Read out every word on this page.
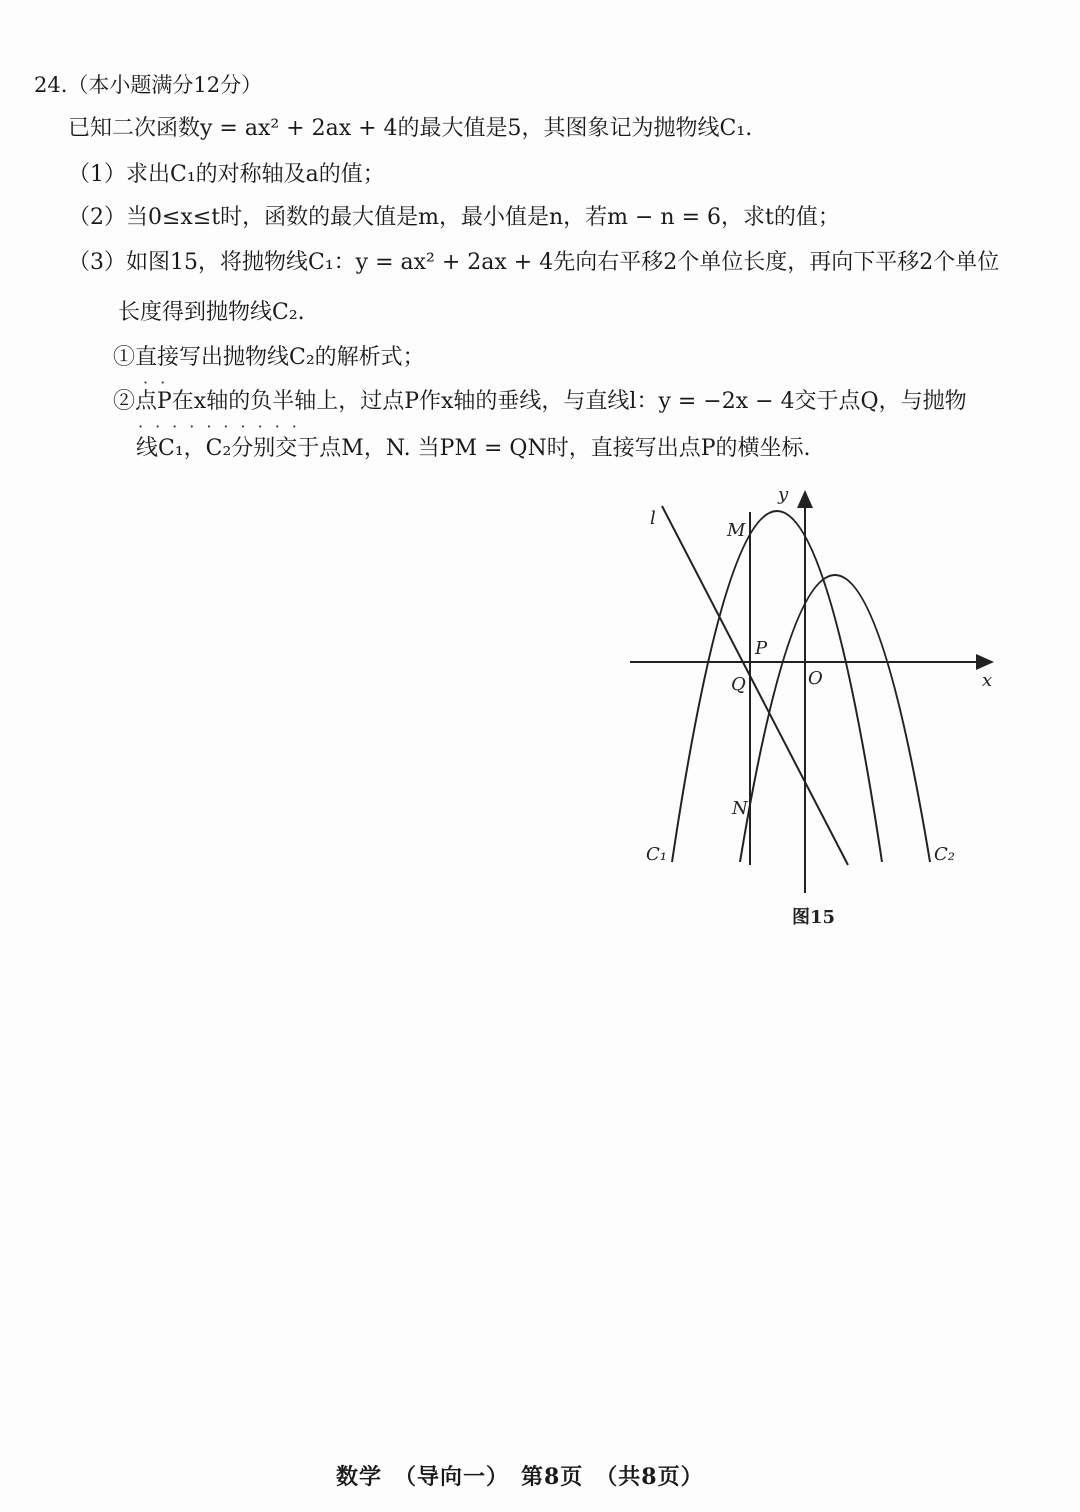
24.（本小题满分12分）
已知二次函数y = ax² + 2ax + 4的最大值是5，其图象记为抛物线C₁.
（1）求出C₁的对称轴及a的值；
（2）当0≤x≤t时，函数的最大值是m，最小值是n，若m − n = 6，求t的值；
（3）如图15，将抛物线C₁：y = ax² + 2ax + 4先向右平移2个单位长度，再向下平移2个单位
长度得到抛物线C₂.
①直接写出抛物线C₂的解析式；
··
②点P在x轴的负半轴上，过点P作x轴的垂线，与直线l：y = −2x − 4交于点Q，与抛物
··········
线C₁，C₂分别交于点M，N. 当PM = QN时，直接写出点P的横坐标.
y
x
O
l
M
P
Q
N
C₁	C₂
图15
数学　（导向一）　第8页　（共8页）
